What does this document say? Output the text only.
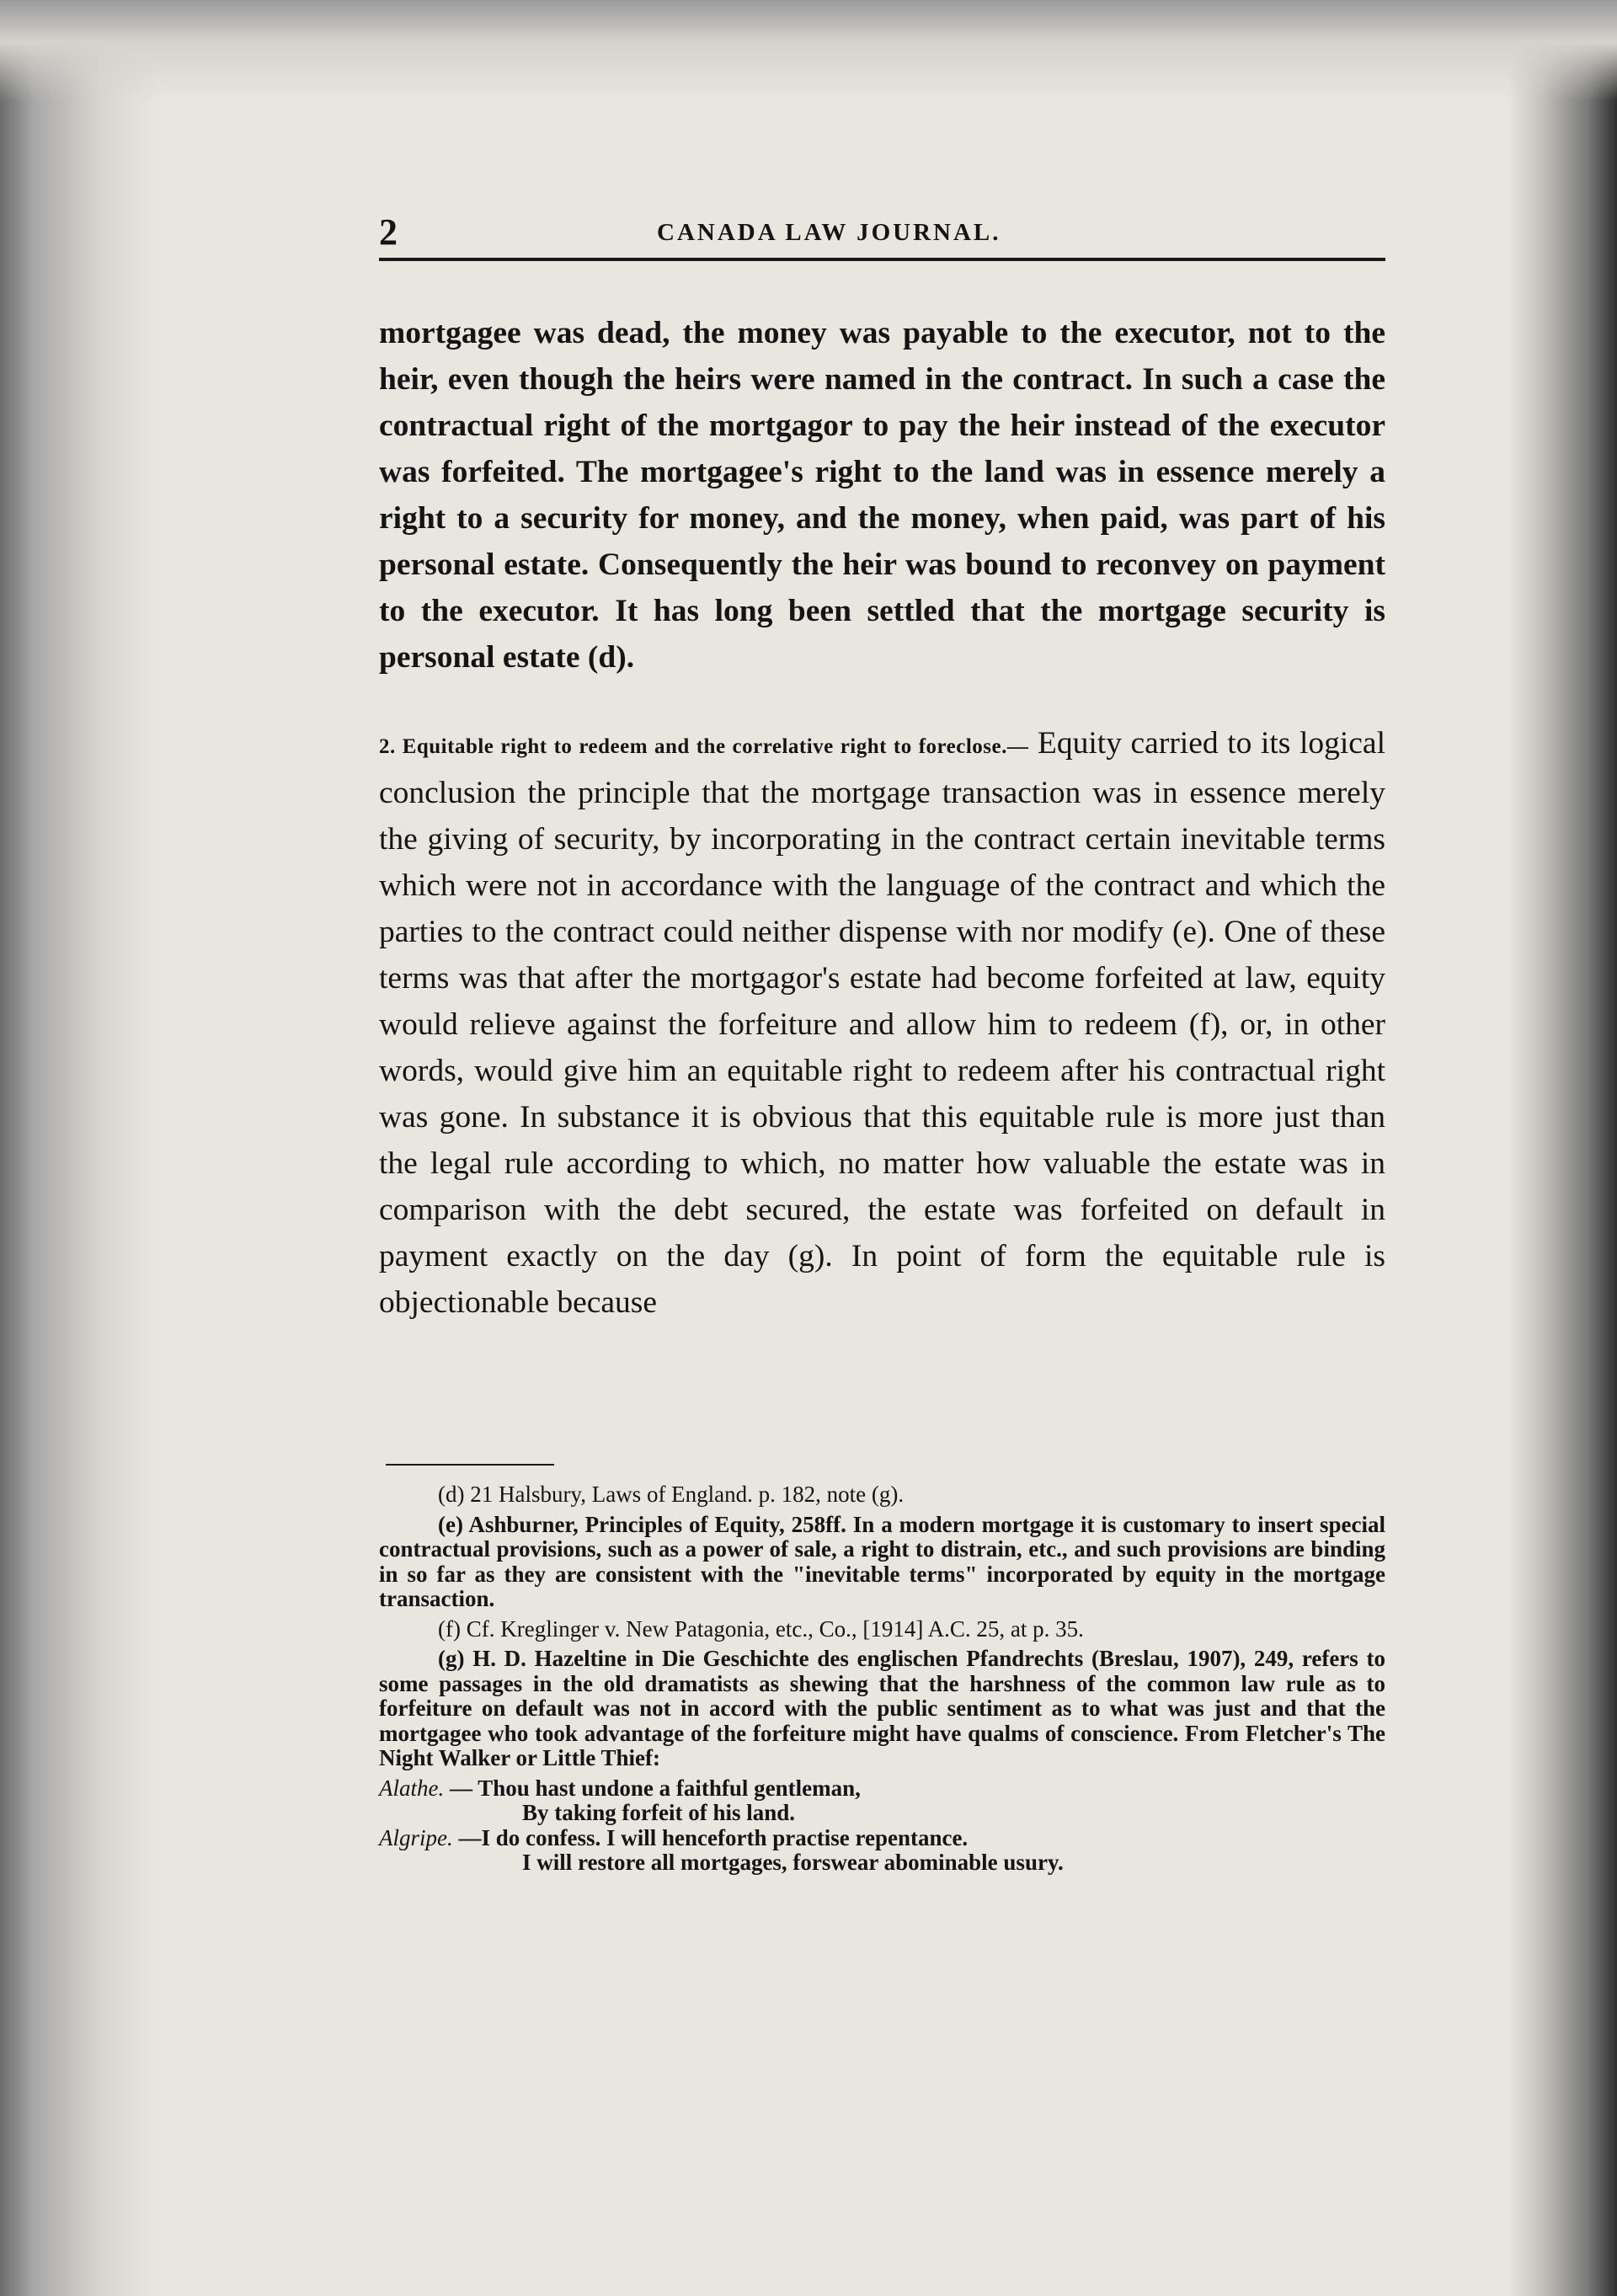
2	CANADA LAW JOURNAL.

mortgagee was dead, the money was payable to the executor, not to the heir, even though the heirs were named in the contract. In such a case the contractual right of the mortgagor to pay the heir instead of the executor was forfeited. The mortgagee's right to the land was in essence merely a right to a security for money, and the money, when paid, was part of his personal estate. Consequently the heir was bound to reconvey on payment to the executor. It has long been settled that the mortgage security is personal estate (d).

2. Equitable right to redeem and the correlative right to foreclose.— Equity carried to its logical conclusion the principle that the mortgage transaction was in essence merely the giving of security, by incorporating in the contract certain inevitable terms which were not in accordance with the language of the contract and which the parties to the contract could neither dispense with nor modify (e). One of these terms was that after the mortgagor's estate had become forfeited at law, equity would relieve against the forfeiture and allow him to redeem (f), or, in other words, would give him an equitable right to redeem after his contractual right was gone. In substance it is obvious that this equitable rule is more just than the legal rule according to which, no matter how valuable the estate was in comparison with the debt secured, the estate was forfeited on default in payment exactly on the day (g). In point of form the equitable rule is objectionable because

(d) 21 Halsbury, Laws of England. p. 182, note (g).

(e) Ashburner, Principles of Equity, 258ff. In a modern mortgage it is customary to insert special contractual provisions, such as a power of sale, a right to distrain, etc., and such provisions are binding in so far as they are consistent with the "inevitable terms" incorporated by equity in the mortgage transaction.

(f) Cf. Kreglinger v. New Patagonia, etc., Co., [1914] A.C. 25, at p. 35.

(g) H. D. Hazeltine in Die Geschichte des englischen Pfandrechts (Breslau, 1907), 249, refers to some passages in the old dramatists as shewing that the harshness of the common law rule as to forfeiture on default was not in accord with the public sentiment as to what was just and that the mortgagee who took advantage of the forfeiture might have qualms of conscience. From Fletcher's The Night Walker or Little Thief:

Alathe. — Thou hast undone a faithful gentleman,

By taking forfeit of his land.

Algripe. —I do confess. I will henceforth practise repentance.

I will restore all mortgages, forswear abominable usury.
